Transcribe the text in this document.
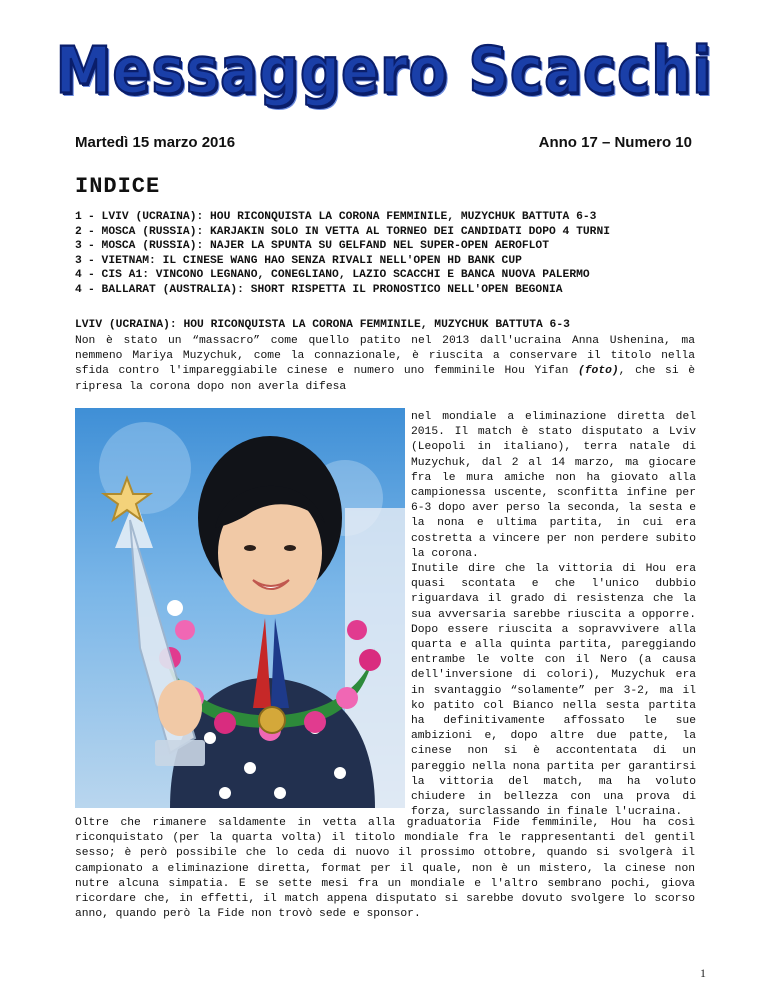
Messaggero Scacchi
Martedì 15 marzo 2016	Anno 17 – Numero 10
INDICE
1 - LVIV (UCRAINA): HOU RICONQUISTA LA CORONA FEMMINILE, MUZYCHUK BATTUTA 6-3
2 - MOSCA (RUSSIA): KARJAKIN SOLO IN VETTA AL TORNEO DEI CANDIDATI DOPO 4 TURNI
3 - MOSCA (RUSSIA): NAJER LA SPUNTA SU GELFAND NEL SUPER-OPEN AEROFLOT
3 - VIETNAM: IL CINESE WANG HAO SENZA RIVALI NELL'OPEN HD BANK CUP
4 - CIS A1: VINCONO LEGNANO, CONEGLIANO, LAZIO SCACCHI E BANCA NUOVA PALERMO
4 - BALLARAT (AUSTRALIA): SHORT RISPETTA IL PRONOSTICO NELL'OPEN BEGONIA
LVIV (UCRAINA): HOU RICONQUISTA LA CORONA FEMMINILE, MUZYCHUK BATTUTA 6-3

Non è stato un “massacro” come quello patito nel 2013 dall'ucraina Anna Ushenina, ma nemmeno Mariya Muzychuk, come la connazionale, è riuscita a conservare il titolo nella sfida contro l'impareggiabile cinese e numero uno femminile Hou Yifan (foto), che si è ripresa la corona dopo non averla difesa

nel mondiale a eliminazione diretta del 2015. Il match è stato disputato a Lviv (Leopoli in italiano), terra natale di Muzychuk, dal 2 al 14 marzo, ma giocare fra le mura amiche non ha giovato alla campionessa uscente, sconfitta infine per 6-3 dopo aver perso la seconda, la sesta e la nona e ultima partita, in cui era costretta a vincere per non perdere subito la corona.
Inutile dire che la vittoria di Hou era quasi scontata e che l'unico dubbio riguardava il grado di resistenza che la sua avversaria sarebbe riuscita a opporre. Dopo essere riuscita a sopravvivere alla quarta e alla quinta partita, pareggiando entrambe le volte con il Nero (a causa dell'inversione di colori), Muzychuk era in svantaggio “solamente” per 3-2, ma il ko patito col Bianco nella sesta partita ha definitivamente affossato le sue ambizioni e, dopo altre due patte, la cinese non si è accontentata di un pareggio nella nona partita per garantirsi la vittoria del match, ma ha voluto chiudere in bellezza con una prova di forza, surclassando in finale l'ucraina.

Oltre che rimanere saldamente in vetta alla graduatoria Fide femminile, Hou ha così riconquistato (per la quarta volta) il titolo mondiale fra le rappresentanti del gentil sesso; è però possibile che lo ceda di nuovo il prossimo ottobre, quando si svolgerà il campionato a eliminazione diretta, format per il quale, non è un mistero, la cinese non nutre alcuna simpatia. E se sette mesi fra un mondiale e l'altro sembrano pochi, giova ricordare che, in effetti, il match appena disputato si sarebbe dovuto svolgere lo scorso anno, quando però la Fide non trovò sede e sponsor.

1
